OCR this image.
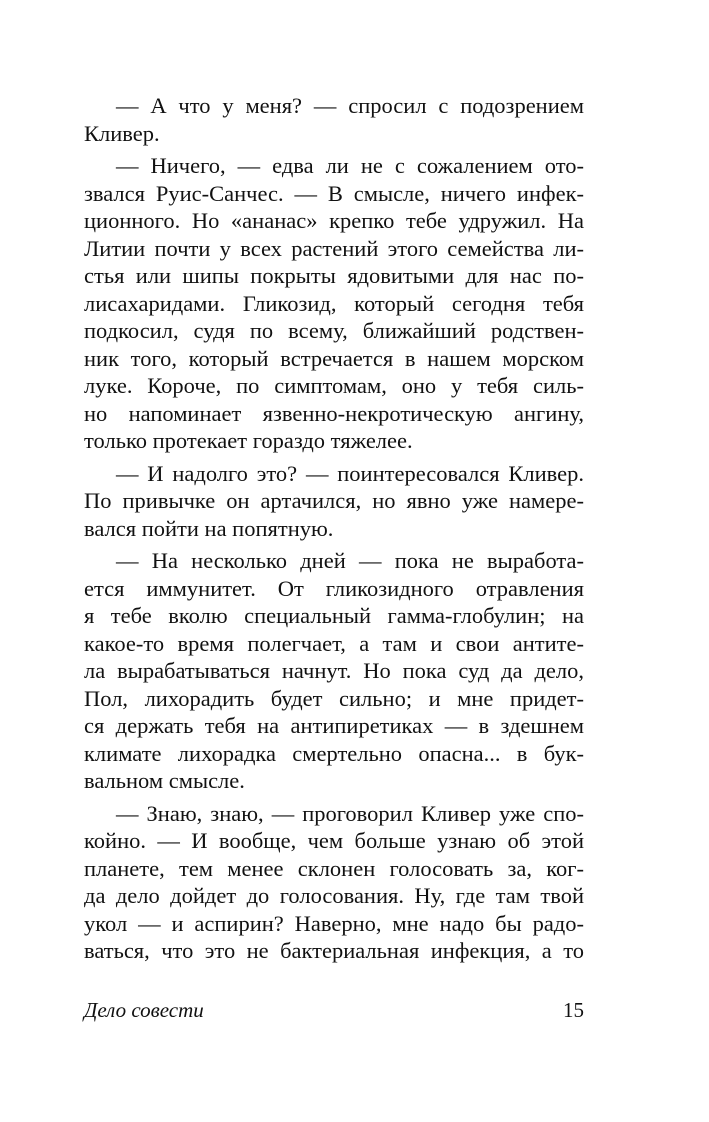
— А что у меня? — спросил с подозрением
Кливер.
— Ничего, — едва ли не с сожалением ото-
звался Руис-Санчес. — В смысле, ничего инфек-
ционного. Но «ананас» крепко тебе удружил. На
Литии почти у всех растений этого семейства ли-
стья или шипы покрыты ядовитыми для нас по-
лисахаридами. Гликозид, который сегодня тебя
подкосил, судя по всему, ближайший родствен-
ник того, который встречается в нашем морском
луке. Короче, по симптомам, оно у тебя силь-
но напоминает язвенно-некротическую ангину,
только протекает гораздо тяжелее.
— И надолго это? — поинтересовался Кливер.
По привычке он артачился, но явно уже намере-
вался пойти на попятную.
— На несколько дней — пока не выработа-
ется иммунитет. От гликозидного отравления
я тебе вколю специальный гамма-глобулин; на
какое-то время полегчает, а там и свои антите-
ла вырабатываться начнут. Но пока суд да дело,
Пол, лихорадить будет сильно; и мне придет-
ся держать тебя на антипиретиках — в здешнем
климате лихорадка смертельно опасна... в бук-
вальном смысле.
— Знаю, знаю, — проговорил Кливер уже спо-
койно. — И вообще, чем больше узнаю об этой
планете, тем менее склонен голосовать за, ког-
да дело дойдет до голосования. Ну, где там твой
укол — и аспирин? Наверно, мне надо бы радо-
ваться, что это не бактериальная инфекция, а то
Дело совести	15
